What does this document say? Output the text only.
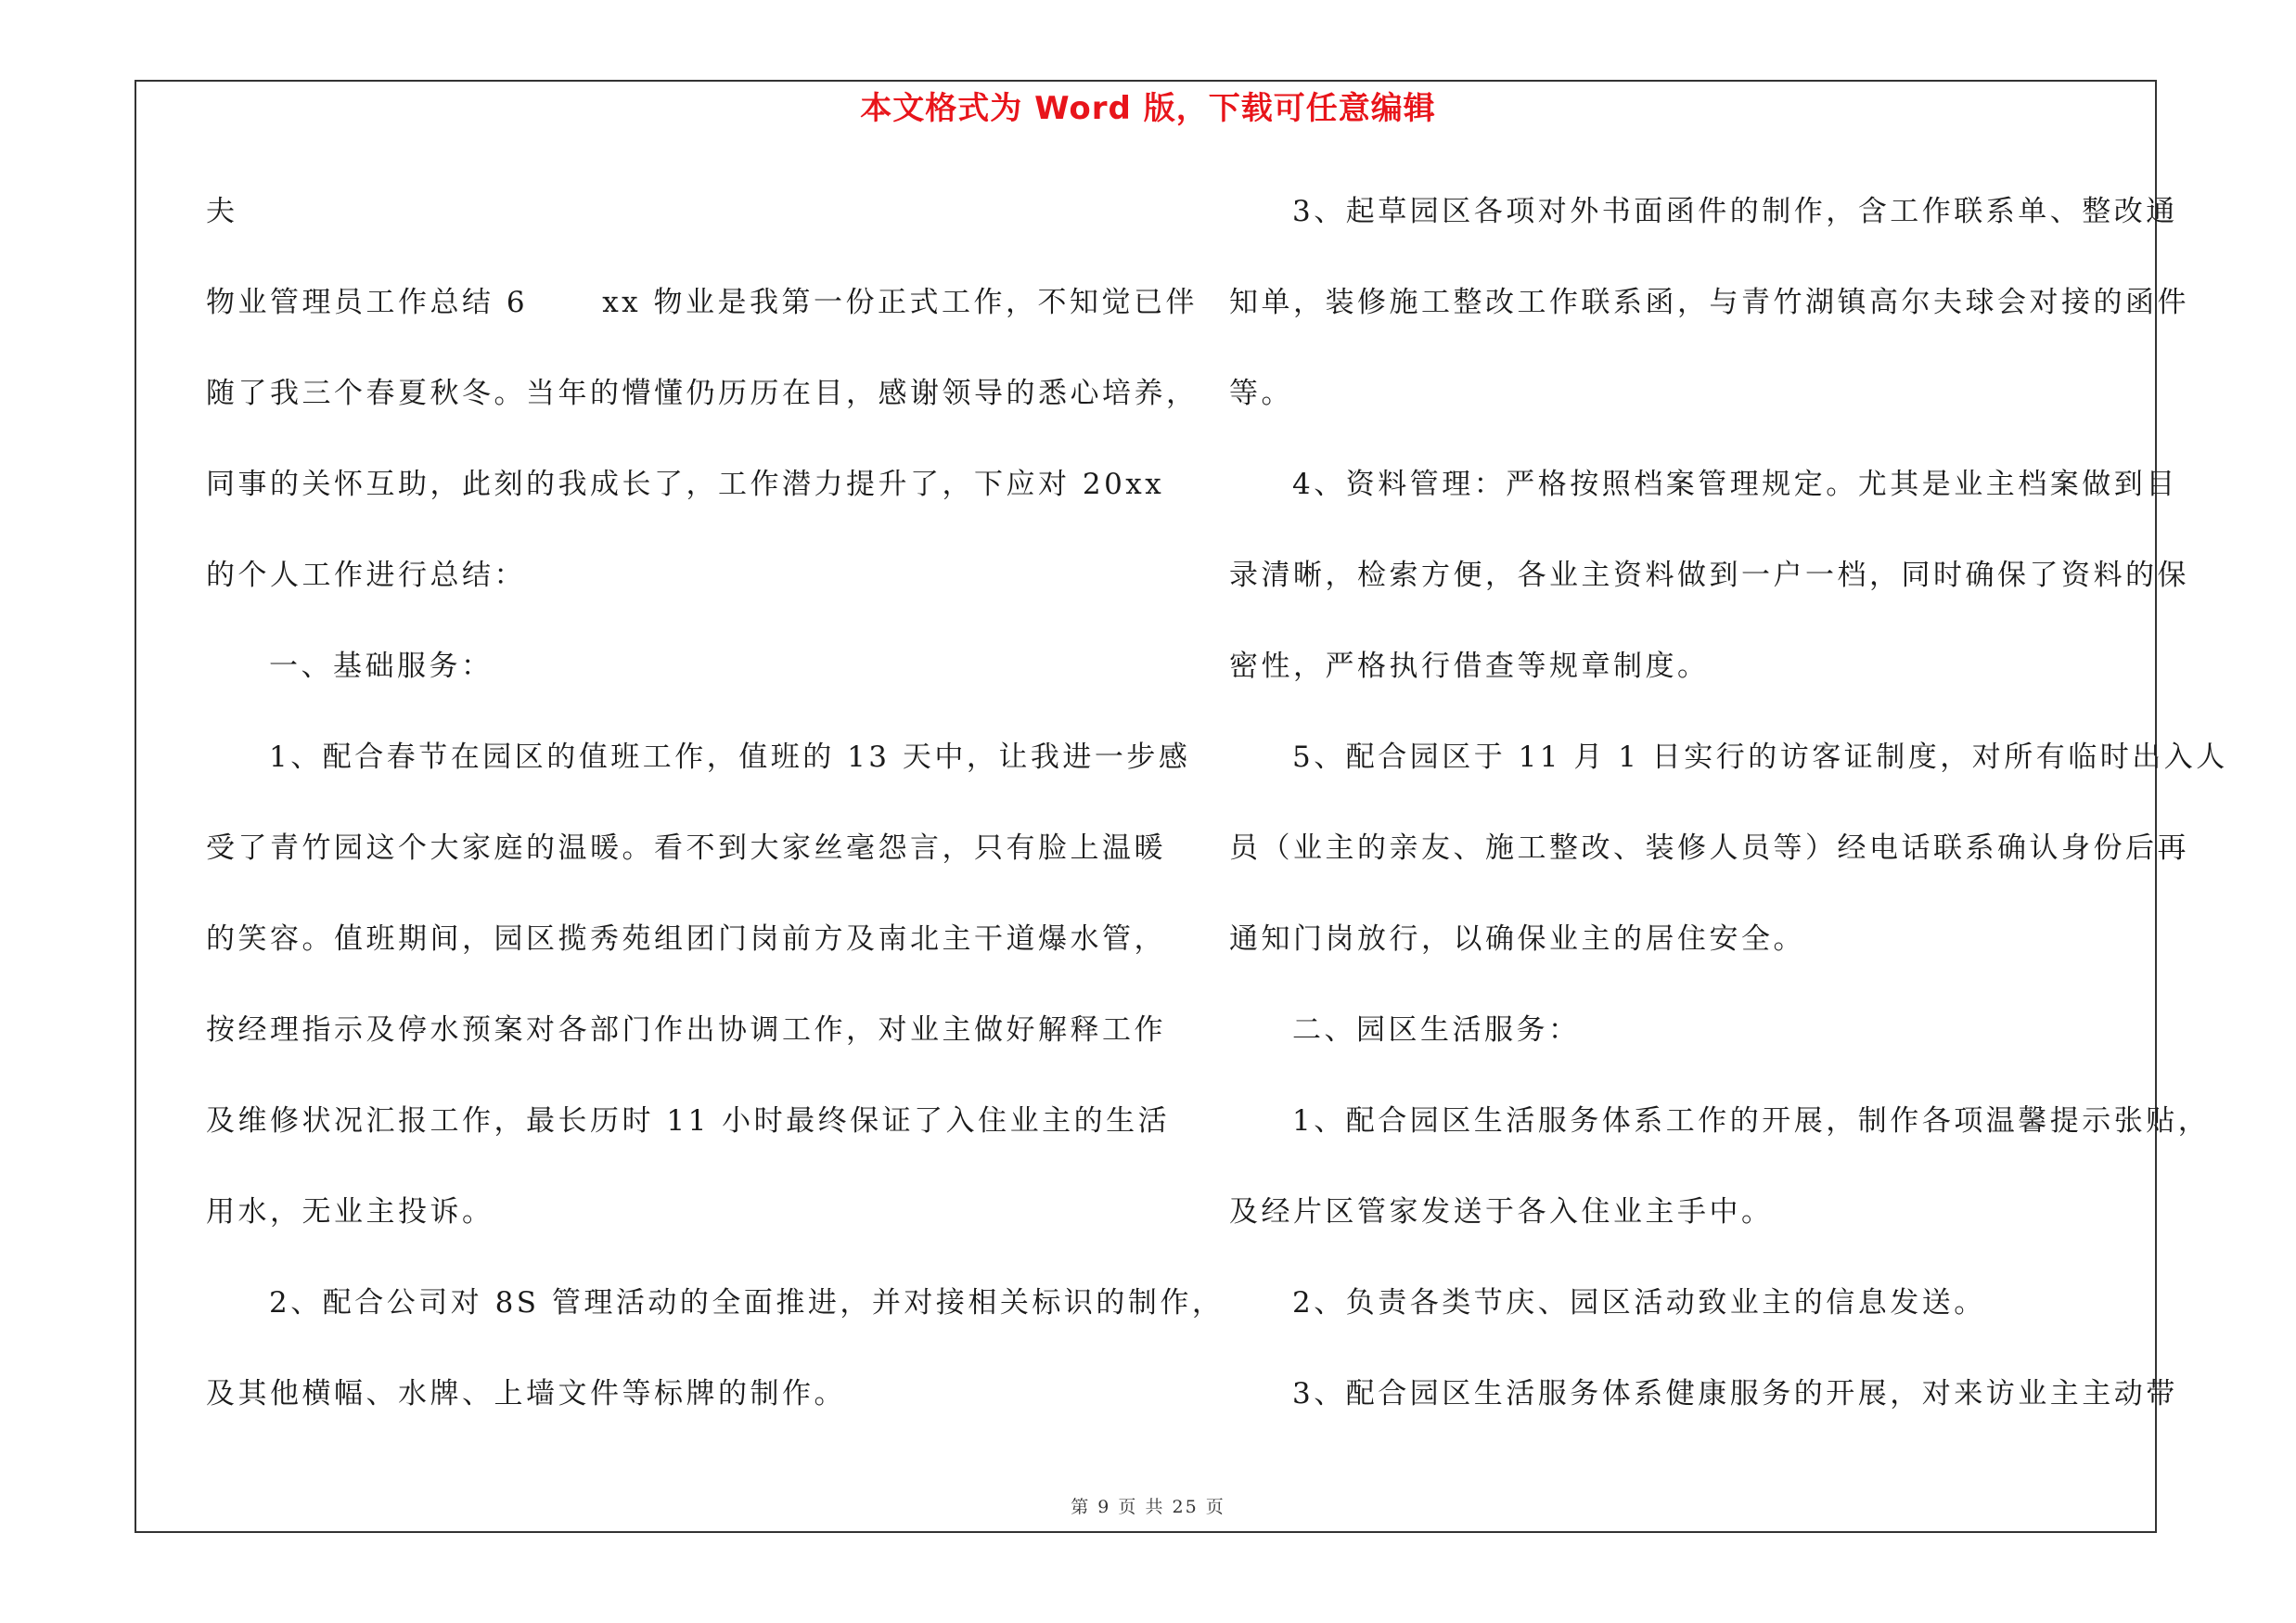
本文格式为 Word 版，下载可任意编辑
夫
物业管理员工作总结 6      xx 物业是我第一份正式工作，不知觉已伴
随了我三个春夏秋冬。当年的懵懂仍历历在目，感谢领导的悉心培养，
同事的关怀互助，此刻的我成长了，工作潜力提升了，下应对 20xx
的个人工作进行总结：
一、基础服务：
1、配合春节在园区的值班工作，值班的 13 天中，让我进一步感
受了青竹园这个大家庭的温暖。看不到大家丝毫怨言，只有脸上温暖
的笑容。值班期间，园区揽秀苑组团门岗前方及南北主干道爆水管，
按经理指示及停水预案对各部门作出协调工作，对业主做好解释工作
及维修状况汇报工作，最长历时 11 小时最终保证了入住业主的生活
用水，无业主投诉。
2、配合公司对 8S 管理活动的全面推进，并对接相关标识的制作，
及其他横幅、水牌、上墙文件等标牌的制作。
3、起草园区各项对外书面函件的制作，含工作联系单、整改通
知单，装修施工整改工作联系函，与青竹湖镇高尔夫球会对接的函件
等。
4、资料管理：严格按照档案管理规定。尤其是业主档案做到目
录清晰，检索方便，各业主资料做到一户一档，同时确保了资料的保
密性，严格执行借查等规章制度。
5、配合园区于 11 月 1 日实行的访客证制度，对所有临时出入人
员（业主的亲友、施工整改、装修人员等）经电话联系确认身份后再
通知门岗放行，以确保业主的居住安全。
二、园区生活服务：
1、配合园区生活服务体系工作的开展，制作各项温馨提示张贴，
及经片区管家发送于各入住业主手中。
2、负责各类节庆、园区活动致业主的信息发送。
3、配合园区生活服务体系健康服务的开展，对来访业主主动带
第 9 页 共 25 页
